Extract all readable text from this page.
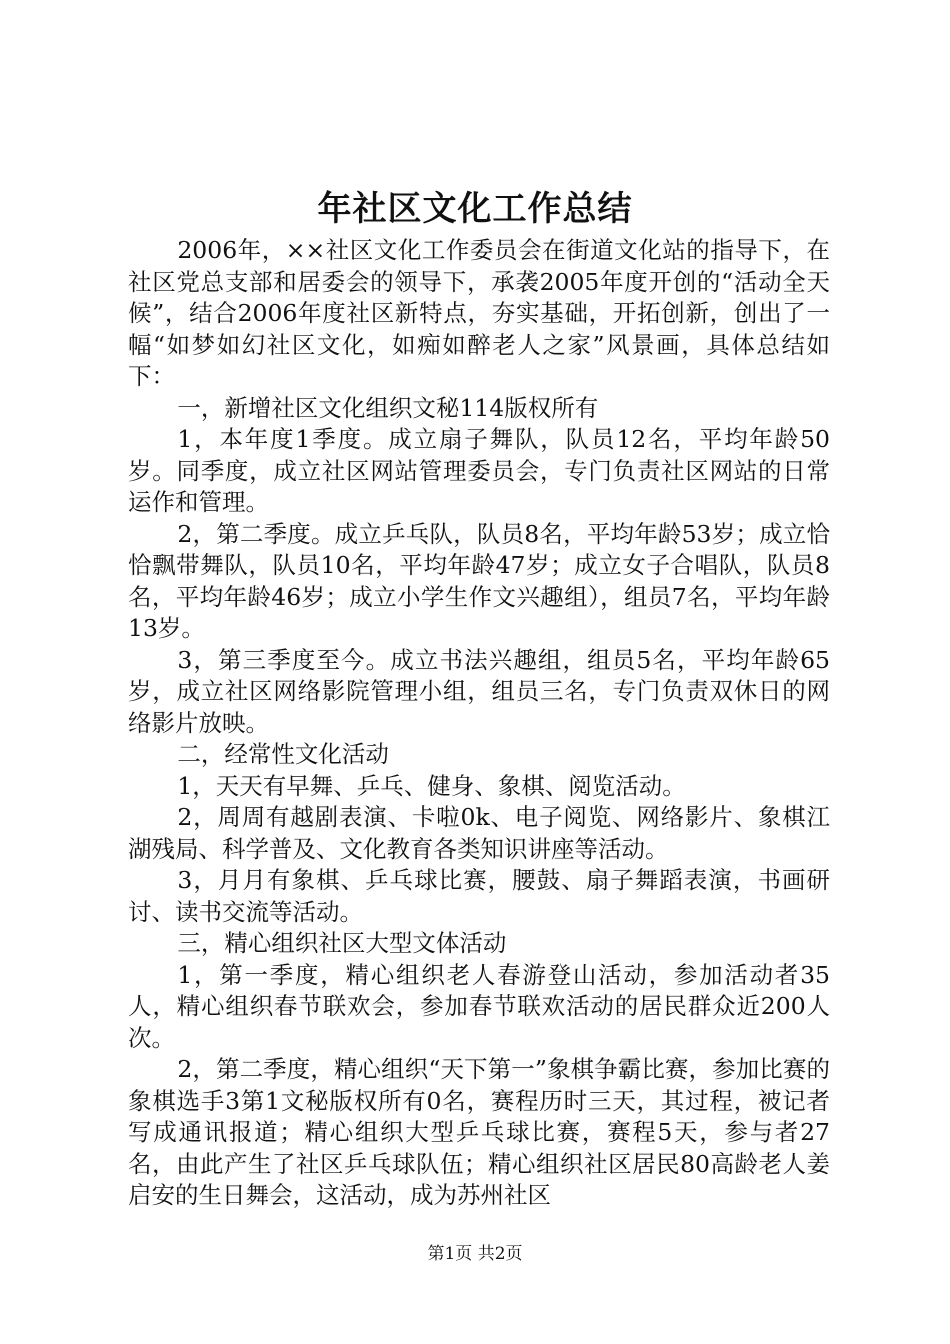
年社区文化工作总结

2006年，××社区文化工作委员会在街道文化站的指导下，在社区党总支部和居委会的领导下，承袭2005年度开创的“活动全天候”，结合2006年度社区新特点，夯实基础，开拓创新，创出了一幅“如梦如幻社区文化，如痴如醉老人之家”风景画，具体总结如下：

一，新增社区文化组织文秘114版权所有

1，本年度1季度。成立扇子舞队，队员12名，平均年龄50岁。同季度，成立社区网站管理委员会，专门负责社区网站的日常运作和管理。

2，第二季度。成立乒乓队，队员8名，平均年龄53岁；成立恰恰飘带舞队，队员10名，平均年龄47岁；成立女子合唱队，队员8名，平均年龄46岁；成立小学生作文兴趣组），组员7名，平均年龄13岁。

3，第三季度至今。成立书法兴趣组，组员5名，平均年龄65岁，成立社区网络影院管理小组，组员三名，专门负责双休日的网络影片放映。

二，经常性文化活动

1，天天有早舞、乒乓、健身、象棋、阅览活动。

2，周周有越剧表演、卡啦0k、电子阅览、网络影片、象棋江湖残局、科学普及、文化教育各类知识讲座等活动。

3，月月有象棋、乒乓球比赛，腰鼓、扇子舞蹈表演，书画研讨、读书交流等活动。

三，精心组织社区大型文体活动

1，第一季度，精心组织老人春游登山活动，参加活动者35人，精心组织春节联欢会，参加春节联欢活动的居民群众近200人次。

2，第二季度，精心组织“天下第一”象棋争霸比赛，参加比赛的象棋选手3第1文秘版权所有0名，赛程历时三天，其过程，被记者写成通讯报道；精心组织大型乒乓球比赛，赛程5天，参与者27名，由此产生了社区乒乓球队伍；精心组织社区居民80高龄老人姜启安的生日舞会，这活动，成为苏州社区

第1页 共2页
